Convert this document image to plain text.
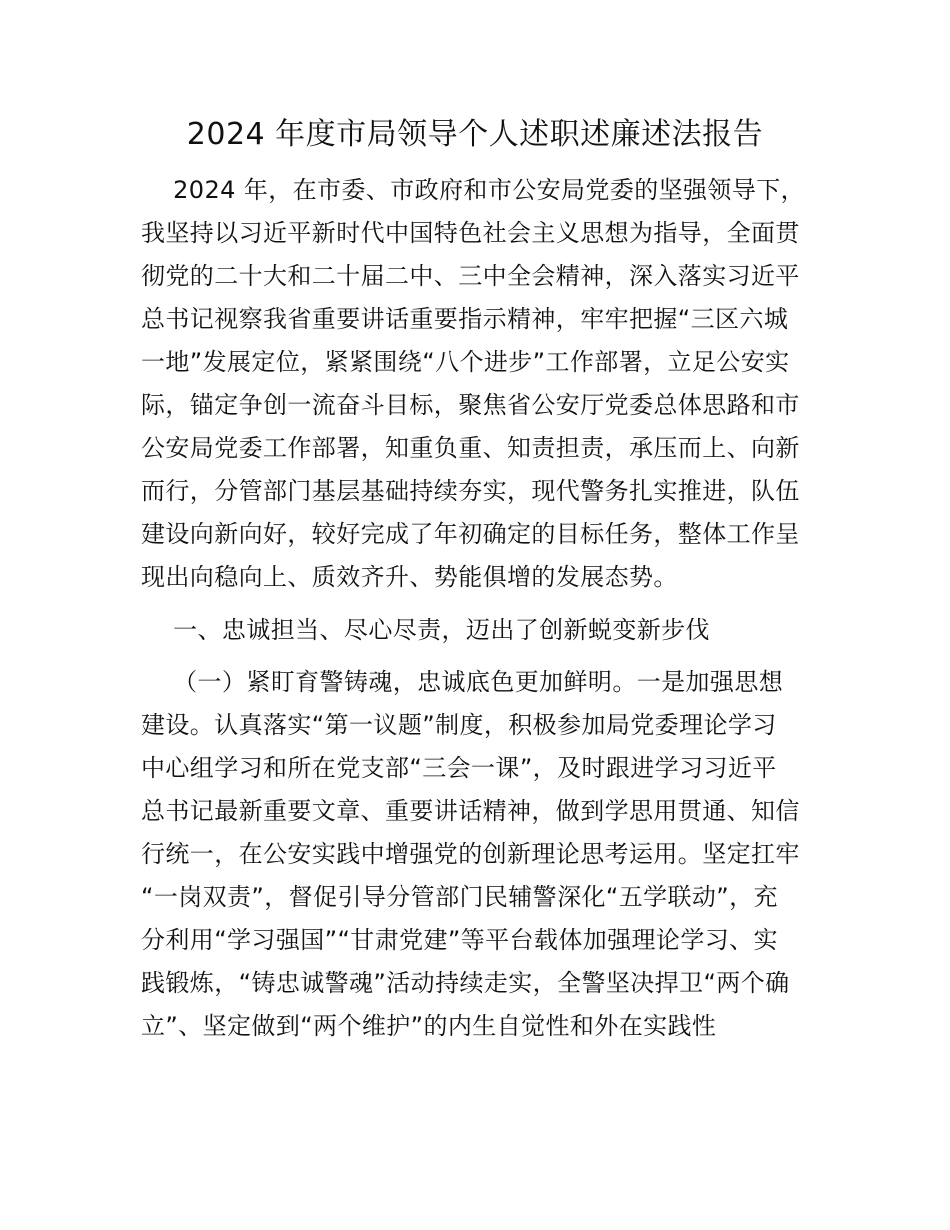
2024 年度市局领导个人述职述廉述法报告
2024 年，在市委、市政府和市公安局党委的坚强领导下，
我坚持以习近平新时代中国特色社会主义思想为指导，全面贯
彻党的二十大和二十届二中、三中全会精神，深入落实习近平
总书记视察我省重要讲话重要指示精神，牢牢把握“三区六城
一地”发展定位，紧紧围绕“八个进步”工作部署，立足公安实
际，锚定争创一流奋斗目标，聚焦省公安厅党委总体思路和市
公安局党委工作部署，知重负重、知责担责，承压而上、向新
而行，分管部门基层基础持续夯实，现代警务扎实推进，队伍
建设向新向好，较好完成了年初确定的目标任务，整体工作呈
现出向稳向上、质效齐升、势能俱增的发展态势。
一、忠诚担当、尽心尽责，迈出了创新蜕变新步伐
（一）紧盯育警铸魂，忠诚底色更加鲜明。一是加强思想
建设。认真落实“第一议题”制度，积极参加局党委理论学习
中心组学习和所在党支部“三会一课”，及时跟进学习习近平
总书记最新重要文章、重要讲话精神，做到学思用贯通、知信
行统一，在公安实践中增强党的创新理论思考运用。坚定扛牢
“一岗双责”，督促引导分管部门民辅警深化“五学联动”，充
分利用“学习强国”“甘肃党建”等平台载体加强理论学习、实
践锻炼，“铸忠诚警魂”活动持续走实，全警坚决捍卫“两个确
立”、坚定做到“两个维护”的内生自觉性和外在实践性
